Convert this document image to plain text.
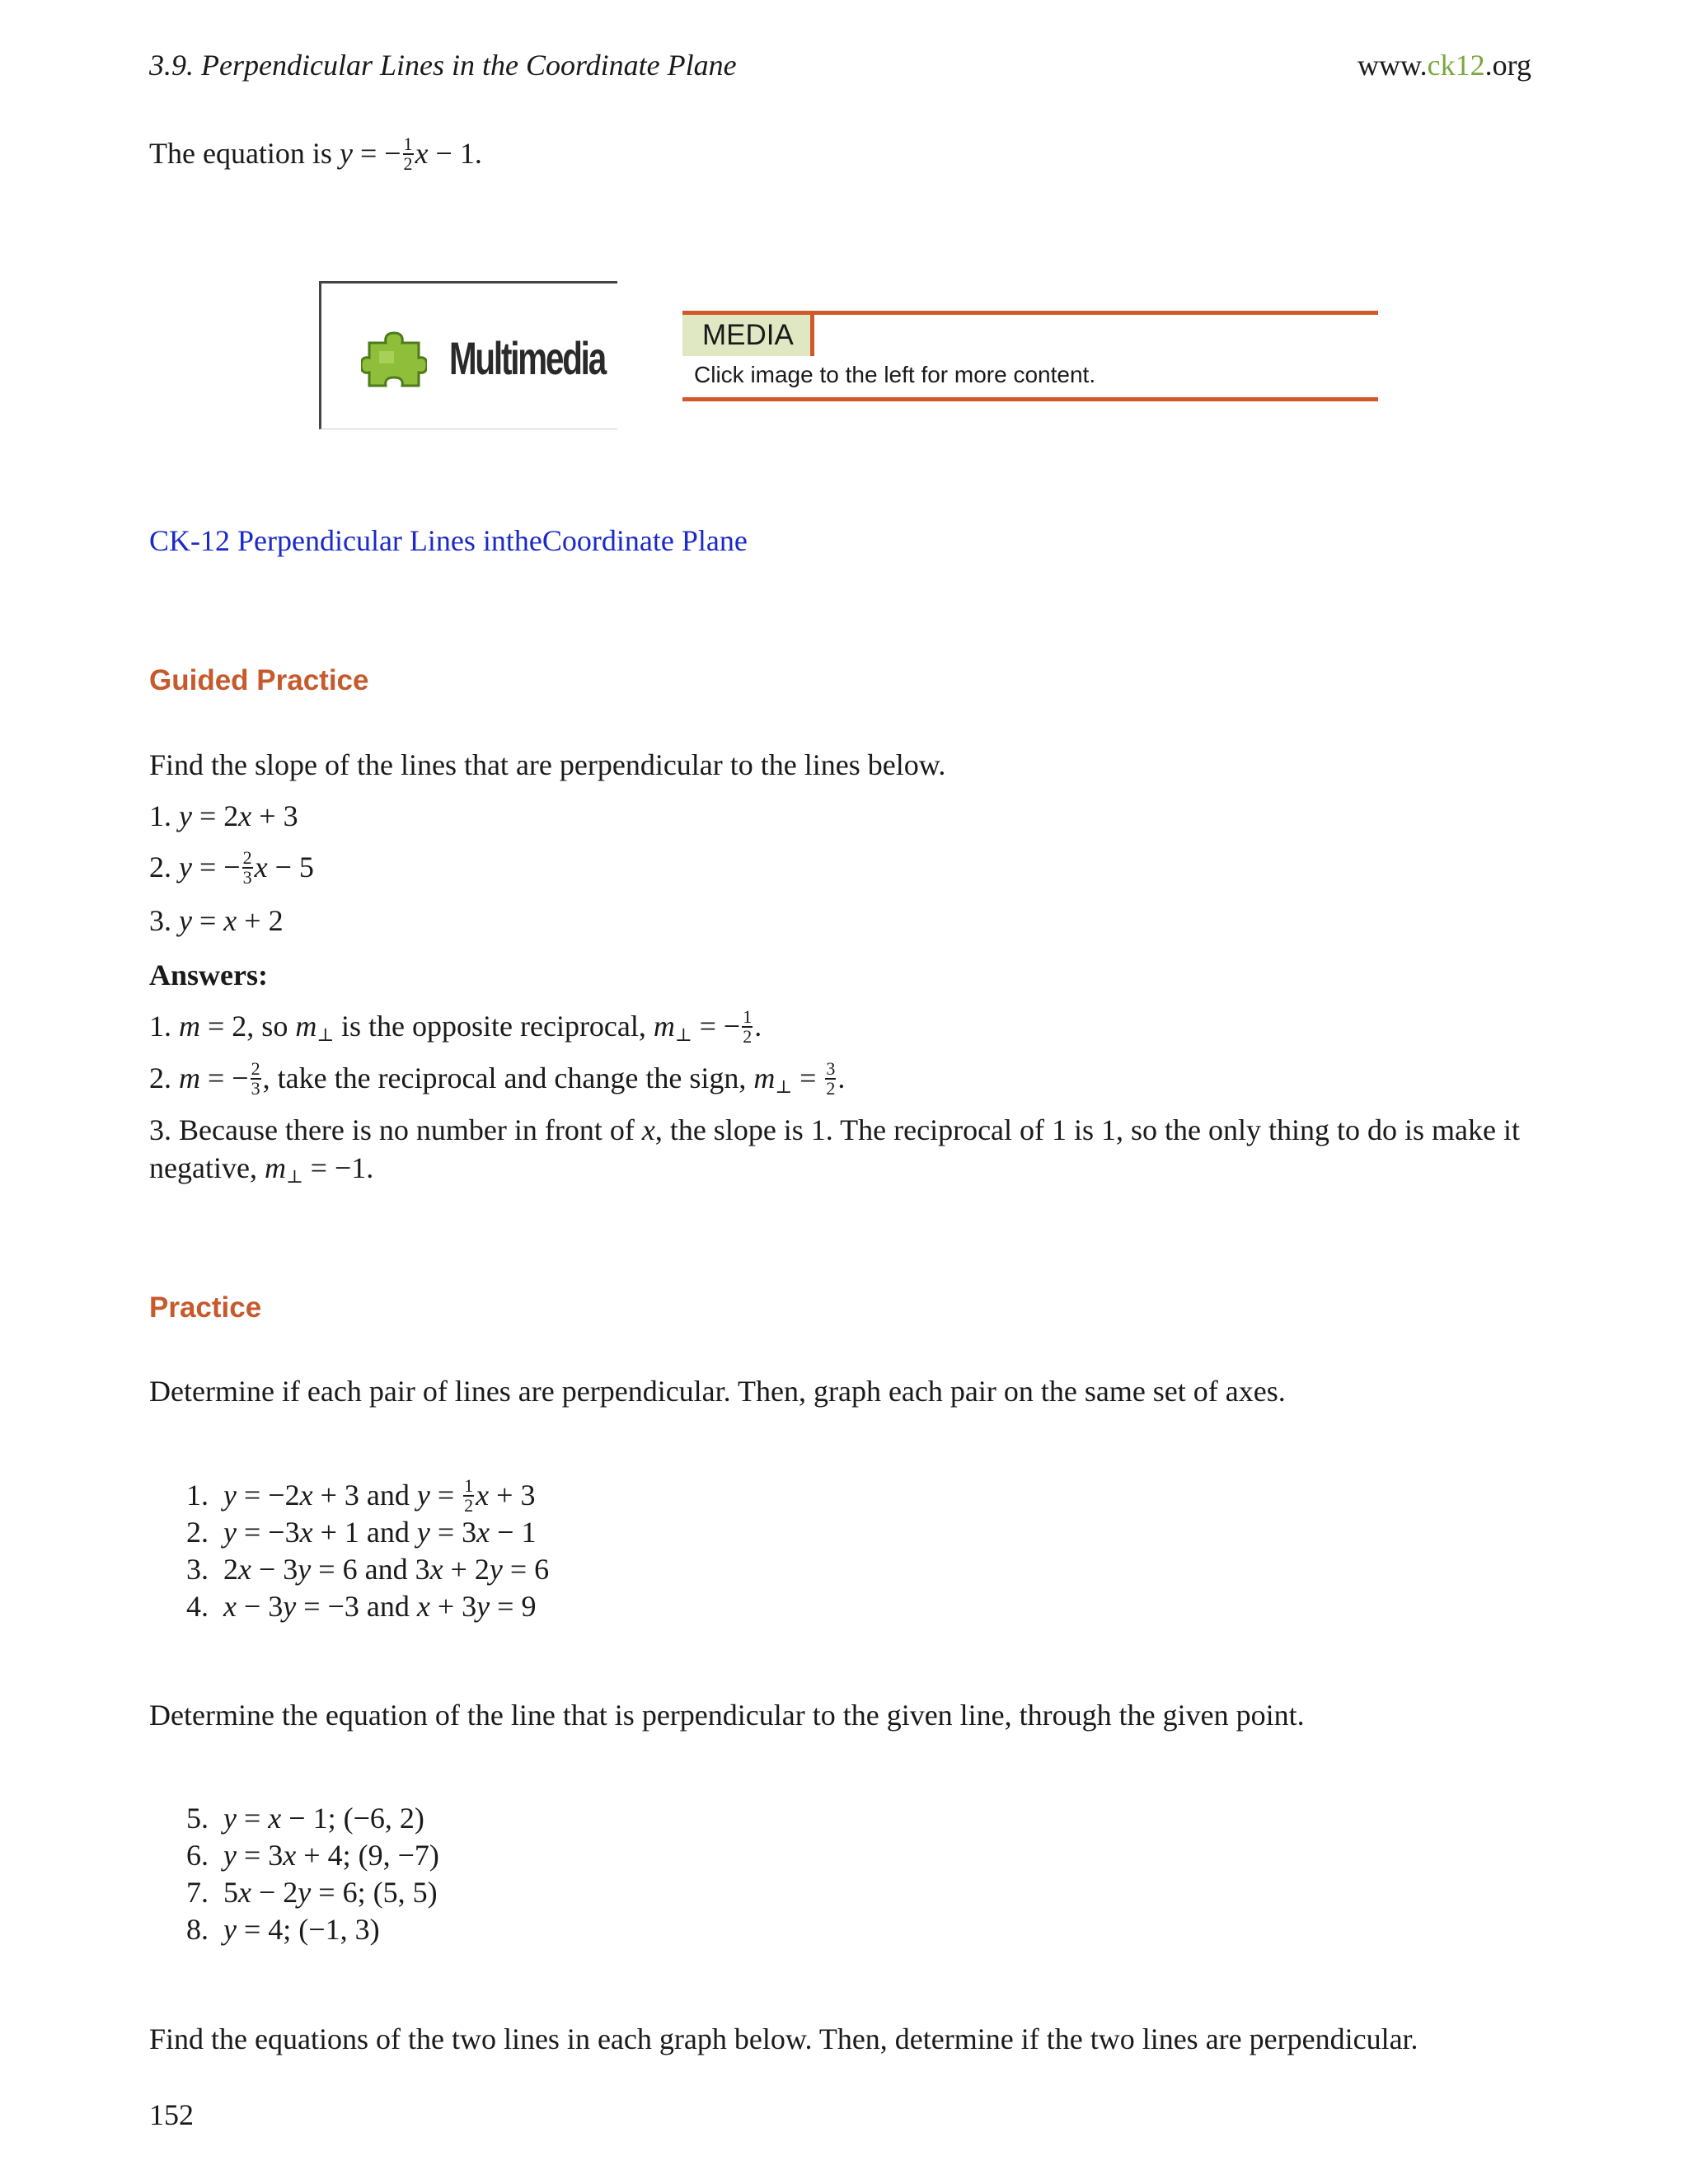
3.9. Perpendicular Lines in the Coordinate Plane	www.ck12.org
The equation is y = − $\frac{1}{2}$ x − 1.
Multimedia	MEDIA
Click image to the left for more content.
CK-12 Perpendicular Lines intheCoordinate Plane
Guided Practice
Find the slope of the lines that are perpendicular to the lines below.
1. y = 2x + 3
2. y = − $\frac{2}{3}$ x − 5
3. y = x + 2
Answers:
1. m = 2, so m⊥ is the opposite reciprocal, m⊥ = − $\frac{1}{2}$ .
2. m = − $\frac{2}{3}$ , take the reciprocal and change the sign, m⊥ = $\frac{3}{2}$ .
3. Because there is no number in front of x, the slope is 1. The reciprocal of 1 is 1, so the only thing to do is make it
negative, m⊥ = −1.
Practice
Determine if each pair of lines are perpendicular. Then, graph each pair on the same set of axes.
1.  y = −2x + 3 and $y = \frac{1}{2}$ x + 3
2.  y = −3x + 1 and y = 3x − 1
3.  2x − 3y = 6 and 3x + 2y = 6
4.  x − 3y = −3 and x + 3y = 9
Determine the equation of the line that is perpendicular to the given line, through the given point.
5.  y = x − 1; (−6, 2)
6.  y = 3x + 4; (9, −7)
7.  5x − 2y = 6; (5, 5)
8.  y = 4; (−1, 3)
Find the equations of the two lines in each graph below. Then, determine if the two lines are perpendicular.
152
